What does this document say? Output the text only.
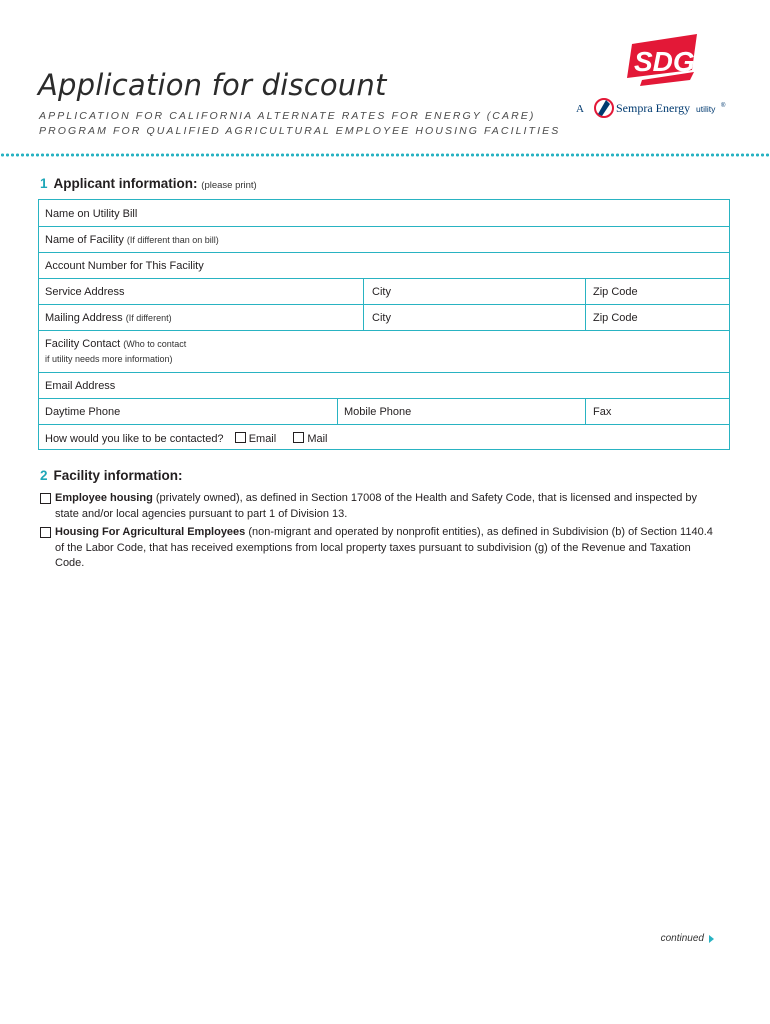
Application for discount
APPLICATION FOR CALIFORNIA ALTERNATE RATES FOR ENERGY (CARE)
PROGRAM FOR QUALIFIED AGRICULTURAL EMPLOYEE HOUSING FACILITIES
SDGE
A	Sempra Energy utility ®
1 Applicant information: (please print)
Name on Utility Bill
Name of Facility (If different than on bill)
Account Number for This Facility
Service Address	City	Zip Code
Mailing Address (If different)	City	Zip Code
Facility Contact (Who to contact
if utility needs more information)
Email Address
Daytime Phone	Mobile Phone	Fax
How would you like to be contacted? Email	Mail
2 Facility information:
Employee housing (privately owned), as defined in Section 17008 of the Health and Safety Code, that is licensed and inspected by state and/or local agencies pursuant to part 1 of Division 13.
Housing For Agricultural Employees (non-migrant and operated by nonprofit entities), as defined in Subdivision (b) of Section 1140.4 of the Labor Code, that has received exemptions from local property taxes pursuant to subdivision (g) of the Revenue and Taxation Code.
continued
